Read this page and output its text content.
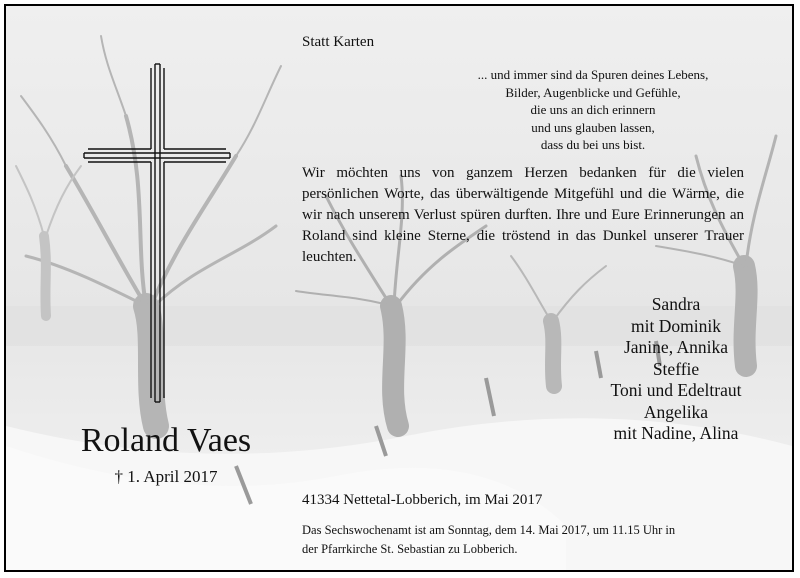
Roland Vaes
† 1. April 2017
Statt Karten
... und immer sind da Spuren deines Lebens,
Bilder, Augenblicke und Gefühle,
die uns an dich erinnern
und uns glauben lassen,
dass du bei uns bist.
Wir möchten uns von ganzem Herzen bedanken für die vielen persönlichen Worte, das überwältigende Mitgefühl und die Wärme, die wir nach unserem Verlust spüren durften. Ihre und Eure Erinnerungen an Roland sind kleine Sterne, die tröstend in das Dunkel unserer Trauer leuchten.
Sandra
mit Dominik
Janine, Annika
Steffie
Toni und Edeltraut
Angelika
mit Nadine, Alina
41334 Nettetal-Lobberich, im Mai 2017
Das Sechswochenamt ist am Sonntag, dem 14. Mai 2017, um 11.15 Uhr in
der Pfarrkirche St. Sebastian zu Lobberich.
